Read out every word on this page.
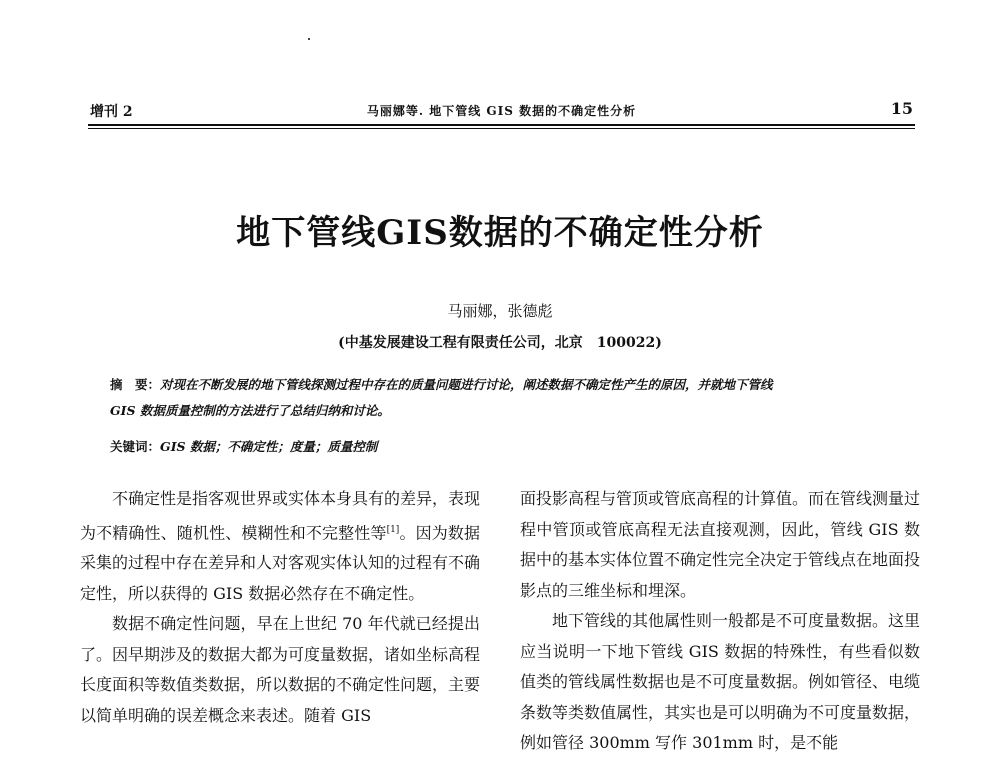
增刊 2	马丽娜等. 地下管线 GIS 数据的不确定性分析	15
地下管线GIS数据的不确定性分析
马丽娜，张德彪
(中基发展建设工程有限责任公司，北京　100022)
摘　要：对现在不断发展的地下管线探测过程中存在的质量问题进行讨论，阐述数据不确定性产生的原因，并就地下管线
GIS 数据质量控制的方法进行了总结归纳和讨论。
关键词：GIS 数据；不确定性；度量；质量控制

不确定性是指客观世界或实体本身具有的差异，表现为不精确性、随机性、模糊性和不完整性等[1]。因为数据采集的过程中存在差异和人对客观实体认知的过程有不确定性，所以获得的 GIS 数据必然存在不确定性。

数据不确定性问题，早在上世纪 70 年代就已经提出了。因早期涉及的数据大都为可度量数据，诸如坐标高程长度面积等数值类数据，所以数据的不确定性问题，主要以简单明确的误差概念来表述。随着 GIS

面投影高程与管顶或管底高程的计算值。而在管线测量过程中管顶或管底高程无法直接观测，因此，管线 GIS 数据中的基本实体位置不确定性完全决定于管线点在地面投影点的三维坐标和埋深。

地下管线的其他属性则一般都是不可度量数据。这里应当说明一下地下管线 GIS 数据的特殊性，有些看似数值类的管线属性数据也是不可度量数据。例如管径、电缆条数等类数值属性，其实也是可以明确为不可度量数据，例如管径 300mm 写作 301mm 时，是不能
